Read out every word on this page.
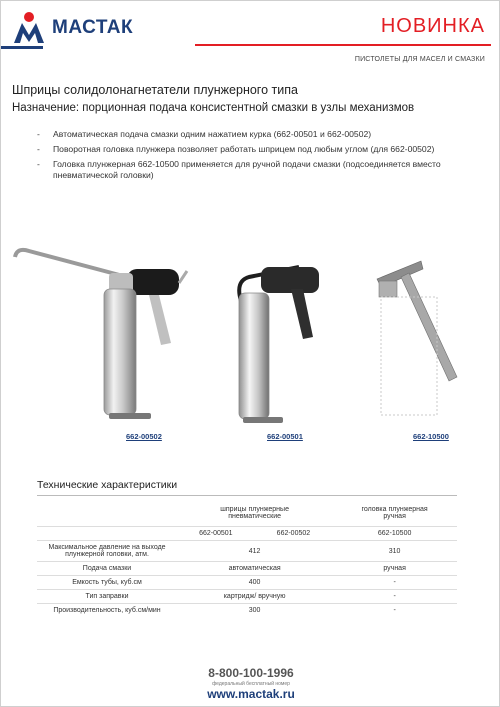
МАСТАК	НОВИНКА
ПИСТОЛЕТЫ ДЛЯ МАСЕЛ И СМАЗКИ
Шприцы солидолонагнетатели плунжерного типа
Назначение: порционная подача консистентной смазки в узлы механизмов
- Автоматическая подача смазки одним нажатием курка (662-00501 и 662-00502)
- Поворотная головка плунжера позволяет работать шприцем под любым углом (для 662-00502)
- Головка плунжерная 662-10500 применяется для ручной подачи смазки (подсоединяется вместо пневматической головки)
662-00502	662-00501	662-10500
Технические характеристики
	шприцы плунжерные пневматические		головка плунжерная ручная
	662-00501	662-00502	662-10500
Максимальное давление на выходе плунжерной головки, атм.	412		310
Подача смазки	автоматическая		ручная
Емкость тубы, куб.см	400		-
Тип заправки	картридж/ вручную		-
Производительность, куб.см/мин	300		-
8-800-100-1996
федеральный бесплатный номер
www.mactak.ru
